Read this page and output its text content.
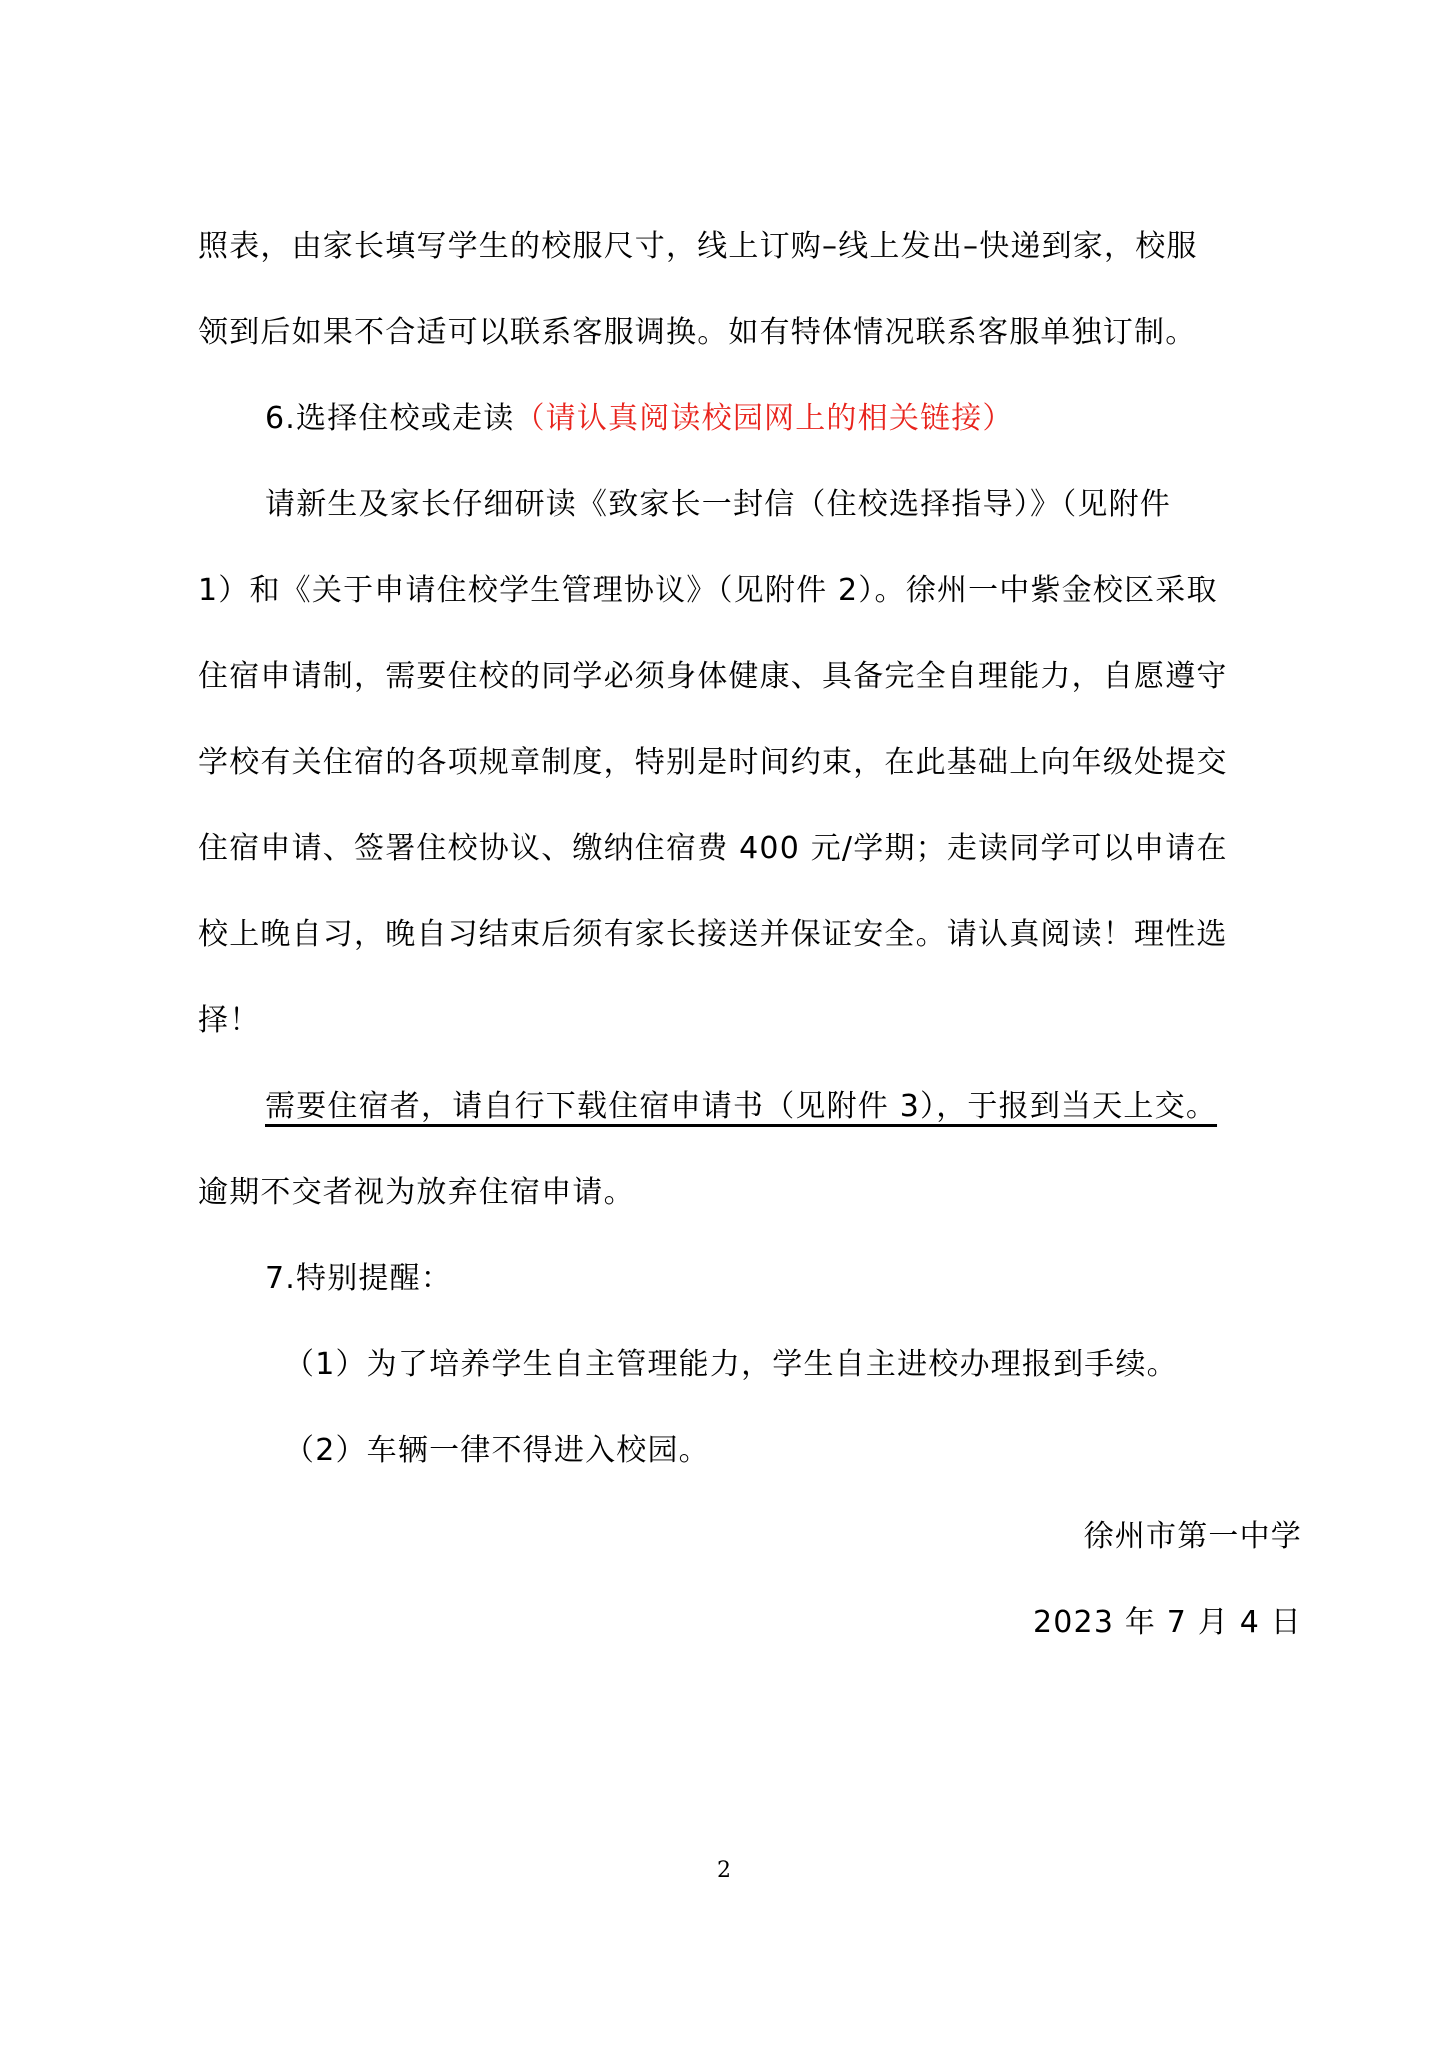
照表，由家长填写学生的校服尺寸，线上订购–线上发出–快递到家，校服
领到后如果不合适可以联系客服调换。如有特体情况联系客服单独订制。
6.选择住校或走读（请认真阅读校园网上的相关链接）
请新生及家长仔细研读《致家长一封信（住校选择指导）》（见附件
1）和《关于申请住校学生管理协议》（见附件 2）。徐州一中紫金校区采取
住宿申请制，需要住校的同学必须身体健康、具备完全自理能力，自愿遵守
学校有关住宿的各项规章制度，特别是时间约束，在此基础上向年级处提交
住宿申请、签署住校协议、缴纳住宿费 400 元/学期；走读同学可以申请在
校上晚自习，晚自习结束后须有家长接送并保证安全。请认真阅读！理性选
择！
需要住宿者，请自行下载住宿申请书（见附件 3），于报到当天上交。
逾期不交者视为放弃住宿申请。
7.特别提醒：
（1）为了培养学生自主管理能力，学生自主进校办理报到手续。
（2）车辆一律不得进入校园。
徐州市第一中学
2023 年 7 月 4 日
2
